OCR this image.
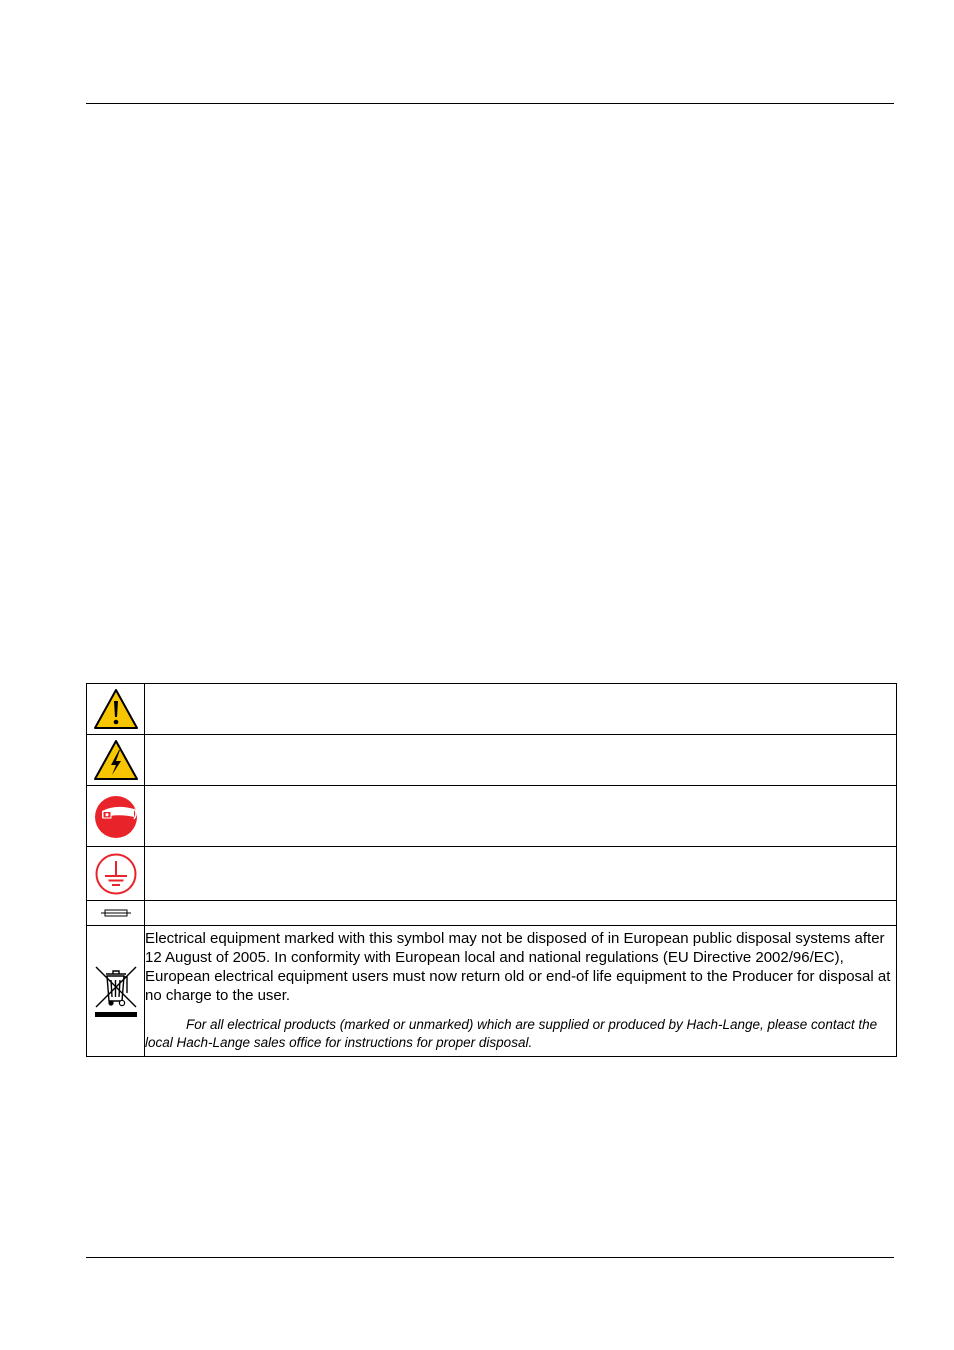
Electrical equipment marked with this symbol may not be disposed of in European public disposal systems after 12 August of 2005. In conformity with European local and national regulations (EU Directive 2002/96/EC), European electrical equipment users must now return old or end-of life equipment to the Producer for disposal at no charge to the user.
For all electrical products (marked or unmarked) which are supplied or produced by Hach-Lange, please contact the local Hach-Lange sales office for instructions for proper disposal.
